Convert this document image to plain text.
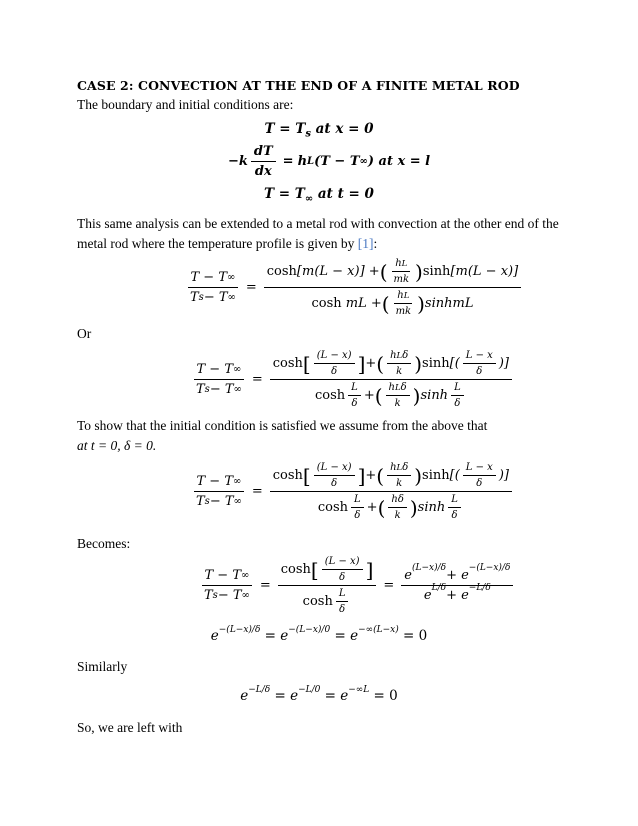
CASE 2: CONVECTION AT THE END OF A FINITE METAL ROD

The boundary and initial conditions are:

$T = T_s$ at x = 0
$-k \frac{dT}{dx} = h$ L (T − T ∞ ) at x = l
$T = T_\infty$ at t = 0

This same analysis can be extended to a metal rod with convection at the other end of the metal rod where the temperature profile is given by [1]:

$\frac{T - T \infty}{\text{T s − T ∞}} = \frac{\cosh [m(L - x)] + ( \frac{\text{h L}}{mk} ) \sinh [m(L - x)]}{\cosh mL + ( \frac{\text{h L}}{mk} ) sinhmL}$

Or

$\frac{T - T \infty}{\text{T s − T ∞}}$ =
cosh [ $\frac{(L - x)}{\delta}$ ] + ( $\frac{\text{h L δ}}{k}$ ) sinh [( $\frac{L - x}{\delta}$ )]
$\cosh \frac{L}{\delta}$ + ( $\frac{\text{h L δ}}{k}$ ) $\sinh \frac{L}{\delta}$

To show that the initial condition is satisfied we assume from the above that
at t = 0, δ = 0.

$\frac{T - T \infty}{\text{T s − T ∞}}$ =
cosh [ $\frac{(L - x)}{\delta}$ ] + ( $\frac{\text{h L δ}}{k}$ ) sinh [( $\frac{L - x}{\delta}$ )]
$\cosh \frac{L}{\delta}$ + ( $\frac{h\delta}{k}$ ) $\sinh \frac{L}{\delta}$

Becomes:

$\frac{T - T \infty}{\text{T s − T ∞}} = \frac{\cosh [ \frac{(L - x)}{\delta} ]}{\cosh \frac{L}{\delta}} = e$
(L−x)/δ
+ e
−(L−x)/δ
e
L/δ
+ e
−L/δ
$e^{-(L-x)/\delta} = e^{-(L-x)/0} = e^{-\infty(L-x)} = 0$

Similarly

$e^{-L/\delta} = e^{-L/0} = e^{-\infty L} = 0$

So, we are left with
